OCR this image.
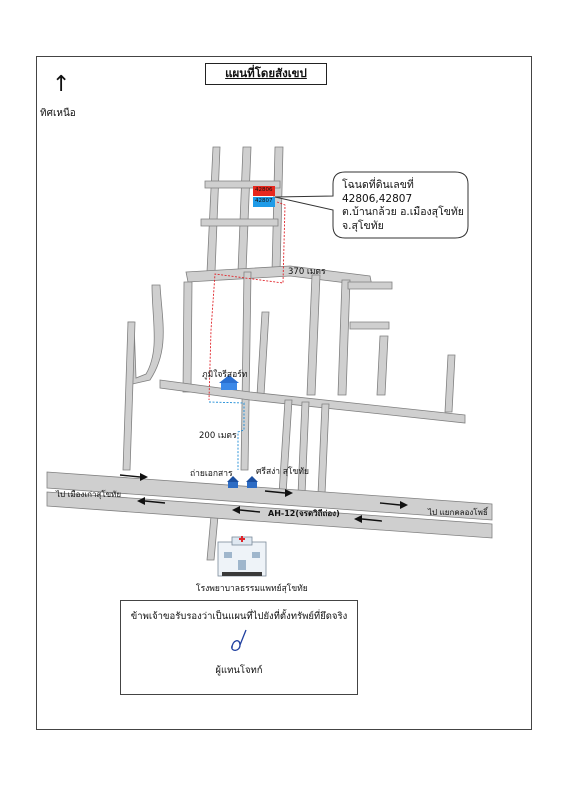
แผนที่โดยสังเขป
↑
ทิศเหนือ
42806
42807
โฉนดที่ดินเลขที่
42806,42807
ต.บ้านกล้วย อ.เมืองสุโขทัย
จ.สุโขทัย
370 เมตร
200 เมตร
ภูมิใจรีสอร์ท
ถ่ายเอกสาร	ศรีสง่า สุโขทัย
โรงพยาบาลธรรมแพทย์สุโขทัย
AH-12(จรดวิถีถ่อง)
ไป เมืองเก่าสุโขทัย
ไป แยกคลองโพธิ์
ข้าพเจ้าขอรับรองว่าเป็นแผนที่ไปยังที่ตั้งทรัพย์ที่ยึดจริง
ผู้แทนโจทก์
